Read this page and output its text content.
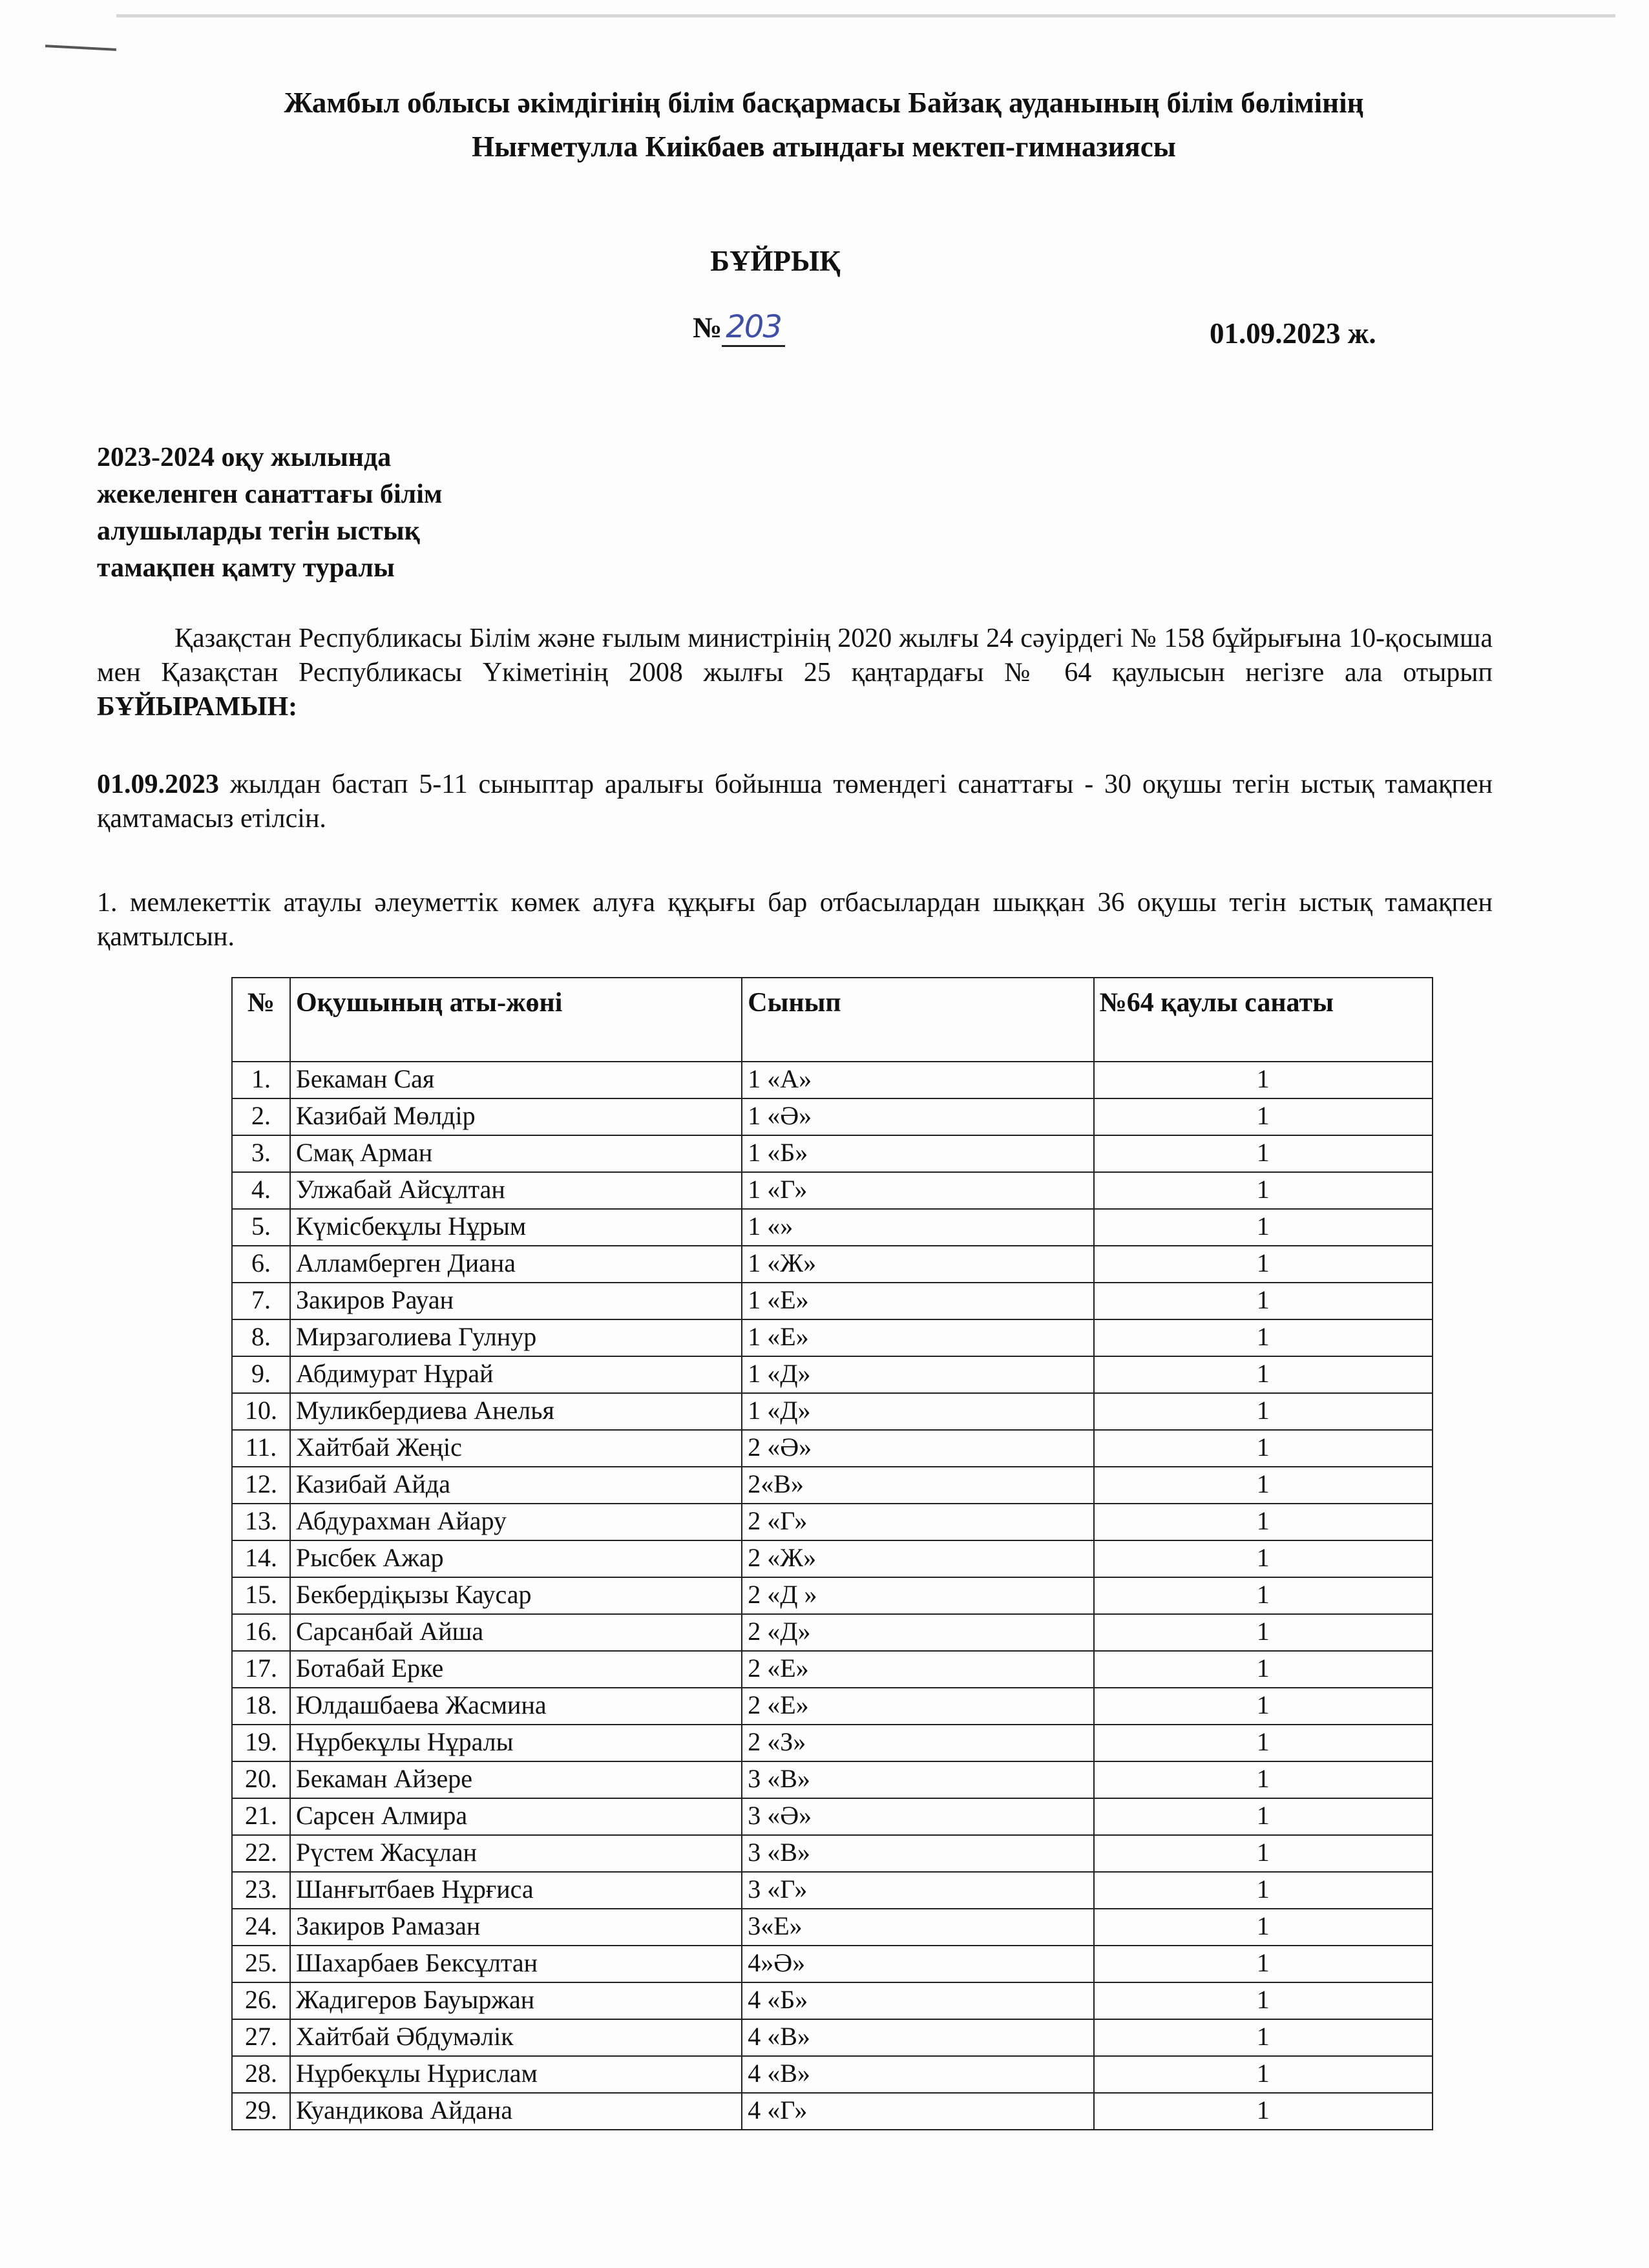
Жамбыл облысы әкімдігінің білім басқармасы Байзақ ауданының білім бөлімінің
Нығметулла Киікбаев атындағы мектеп-гимназиясы
БҰЙРЫҚ
№ 203	01.09.2023 ж.
2023-2024 оқу жылында
жекеленген санаттағы білім
алушыларды тегін ыстық
тамақпен қамту туралы
Қазақстан Республикасы Білім және ғылым министрінің 2020 жылғы 24 сәуірдегі № 158 бұйрығына 10-қосымша мен Қазақстан Республикасы Үкіметінің 2008 жылғы 25 қаңтардағы № 64 қаулысын негізге ала отырып БҰЙЫРАМЫН:
01.09.2023 жылдан бастап 5-11 сыныптар аралығы бойынша төмендегі санаттағы - 30 оқушы тегін ыстық тамақпен қамтамасыз етілсін.
1. мемлекеттік атаулы әлеуметтік көмек алуға құқығы бар отбасылардан шыққан 36 оқушы тегін ыстық тамақпен қамтылсын.
№	Оқушының аты-жөні	Сынып	№64 қаулы санаты
1.	Бекаман Сая	1 «А»	1
2.	Казибай Мөлдір	1 «Ә»	1
3.	Смақ Арман	1 «Б»	1
4.	Улжабай Айсұлтан	1 «Г»	1
5.	Күмісбекұлы Нұрым	1 «»	1
6.	Алламберген Диана	1 «Ж»	1
7.	Закиров Рауан	1 «Е»	1
8.	Мирзаголиева Гулнур	1 «Е»	1
9.	Абдимурат Нұрай	1 «Д»	1
10.	Муликбердиева Анелья	1 «Д»	1
11.	Хайтбай Жеңіс	2 «Ә»	1
12.	Казибай Айда	2«В»	1
13.	Абдурахман Айару	2 «Г»	1
14.	Рысбек Ажар	2 «Ж»	1
15.	Бекбердіқызы Каусар	2 «Д »	1
16.	Сарсанбай Айша	2 «Д»	1
17.	Ботабай Ерке	2 «Е»	1
18.	Юлдашбаева Жасмина	2 «Е»	1
19.	Нұрбекұлы Нұралы	2 «З»	1
20.	Бекаман Айзере	3 «В»	1
21.	Сарсен Алмира	3 «Ә»	1
22.	Рүстем Жасұлан	3 «В»	1
23.	Шанғытбаев Нұрғиса	3 «Г»	1
24.	Закиров Рамазан	3«Е»	1
25.	Шахарбаев Бексұлтан	4»Ә»	1
26.	Жадигеров Бауыржан	4 «Б»	1
27.	Хайтбай Әбдумәлік	4 «В»	1
28.	Нұрбекұлы Нұрислам	4 «В»	1
29.	Куандикова Айдана	4 «Г»	1
